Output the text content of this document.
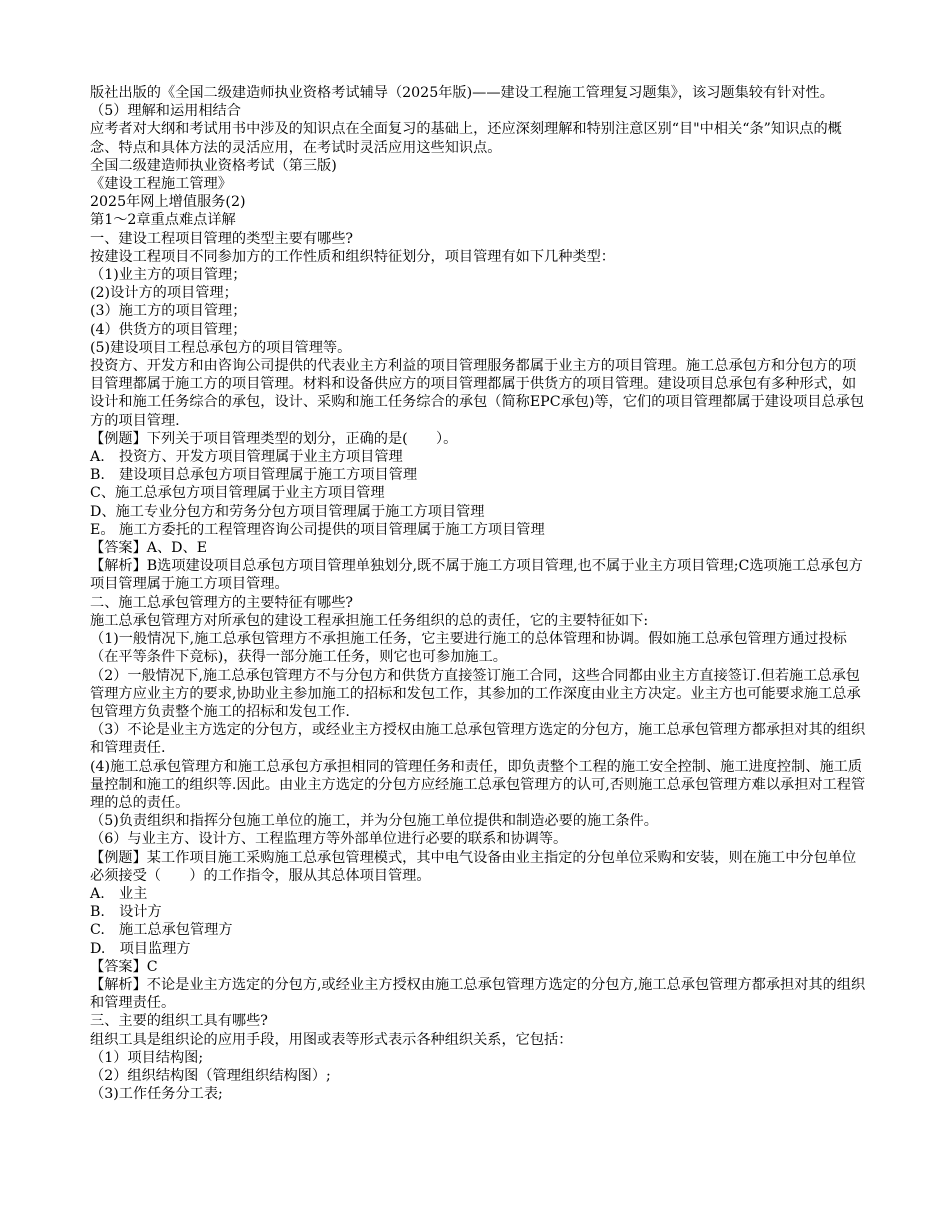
版社出版的《全国二级建造师执业资格考试辅导（2025年版)——建设工程施工管理复习题集》，该习题集较有针对性。

（5）理解和运用相结合

应考者对大纲和考试用书中涉及的知识点在全面复习的基础上，还应深刻理解和特别注意区别“目"中相关“条”知识点的概念、特点和具体方法的灵活应用，在考试时灵活应用这些知识点。

全国二级建造师执业资格考试（第三版)

《建设工程施工管理》

2025年网上增值服务(2)

第1～2章重点难点详解

一、建设工程项目管理的类型主要有哪些?

按建设工程项目不同参加方的工作性质和组织特征划分，项目管理有如下几种类型：

（1)业主方的项目管理；

(2)设计方的项目管理；

(3）施工方的项目管理；

(4）供货方的项目管理；

(5)建设项目工程总承包方的项目管理等。

投资方、开发方和由咨询公司提供的代表业主方利益的项目管理服务都属于业主方的项目管理。施工总承包方和分包方的项目管理都属于施工方的项目管理。材料和设备供应方的项目管理都属于供货方的项目管理。建设项目总承包有多种形式，如设计和施工任务综合的承包，设计、采购和施工任务综合的承包（简称EPC承包)等，它们的项目管理都属于建设项目总承包方的项目管理.

【例题】下列关于项目管理类型的划分，正确的是(　　）。

A.　投资方、开发方项目管理属于业主方项目管理

B.　建设项目总承包方项目管理属于施工方项目管理

C、施工总承包方项目管理属于业主方项目管理

D、施工专业分包方和劳务分包方项目管理属于施工方项目管理

E。 施工方委托的工程管理咨询公司提供的项目管理属于施工方项目管理

【答案】A、D、E

【解析】B选项建设项目总承包方项目管理单独划分,既不属于施工方项目管理,也不属于业主方项目管理;C选项施工总承包方项目管理属于施工方项目管理。

二、施工总承包管理方的主要特征有哪些?

施工总承包管理方对所承包的建设工程承担施工任务组织的总的责任，它的主要特征如下:

（1)一般情况下,施工总承包管理方不承担施工任务，它主要进行施工的总体管理和协调。假如施工总承包管理方通过投标（在平等条件下竞标)，获得一部分施工任务，则它也可参加施工。

（2）一般情况下,施工总承包管理方不与分包方和供货方直接签订施工合同，这些合同都由业主方直接签订.但若施工总承包管理方应业主方的要求,协助业主参加施工的招标和发包工作，其参加的工作深度由业主方决定。业主方也可能要求施工总承包管理方负责整个施工的招标和发包工作.

（3）不论是业主方选定的分包方，或经业主方授权由施工总承包管理方选定的分包方，施工总承包管理方都承担对其的组织和管理责任.

(4)施工总承包管理方和施工总承包方承担相同的管理任务和责任，即负责整个工程的施工安全控制、施工进度控制、施工质量控制和施工的组织等.因此。由业主方选定的分包方应经施工总承包管理方的认可,否则施工总承包管理方难以承担对工程管理的总的责任。

（5)负责组织和指挥分包施工单位的施工，并为分包施工单位提供和制造必要的施工条件。

（6）与业主方、设计方、工程监理方等外部单位进行必要的联系和协调等。

【例题】某工作项目施工采购施工总承包管理模式，其中电气设备由业主指定的分包单位采购和安装，则在施工中分包单位必须接受（　　）的工作指令，服从其总体项目管理。

A.　业主

B.　设计方

C.　施工总承包管理方

D.　项目监理方

【答案】C

【解析】不论是业主方选定的分包方,或经业主方授权由施工总承包管理方选定的分包方,施工总承包管理方都承担对其的组织和管理责任。

三、主要的组织工具有哪些?

组织工具是组织论的应用手段，用图或表等形式表示各种组织关系，它包括：

（1）项目结构图;

（2）组织结构图（管理组织结构图）;

（3)工作任务分工表;
